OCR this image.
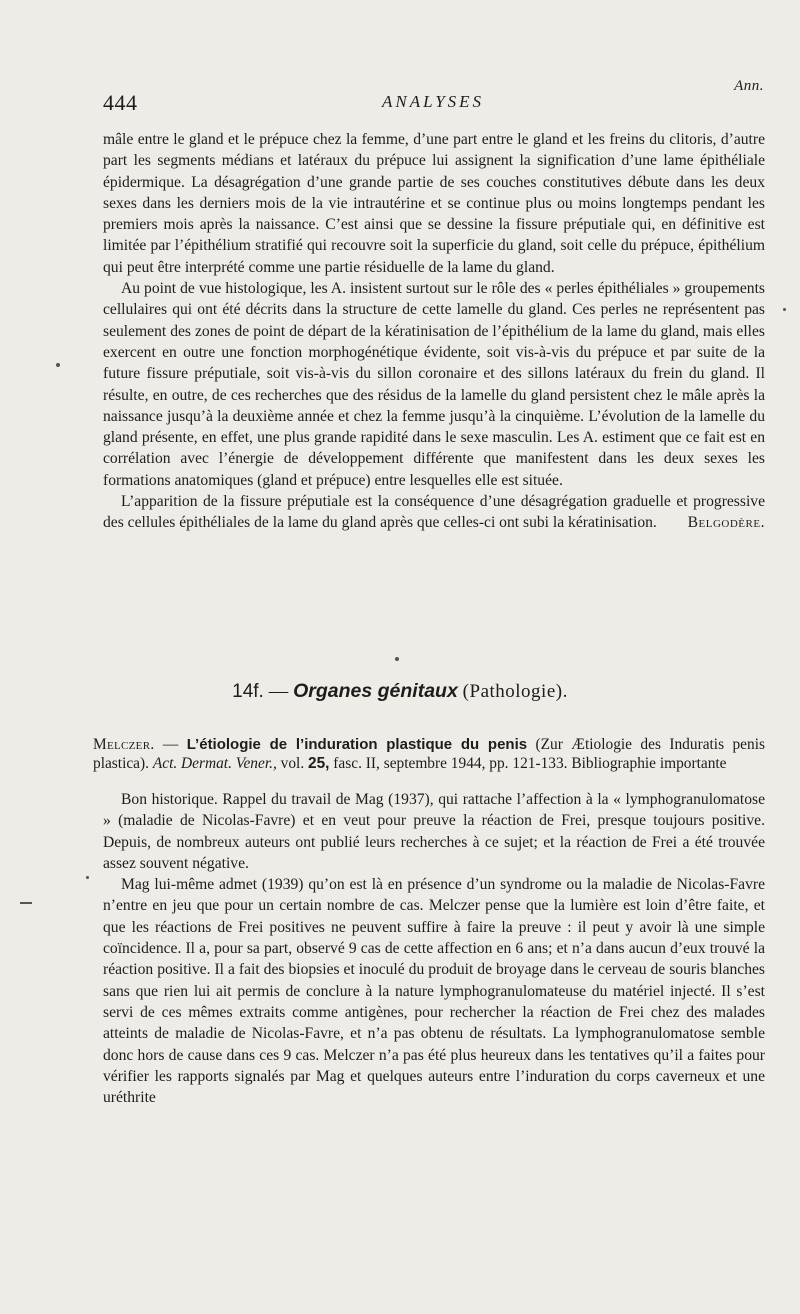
Ann.
444	ANALYSES

mâle entre le gland et le prépuce chez la femme, d’une part entre le gland et les freins du clitoris, d’autre part les segments médians et latéraux du prépuce lui assignent la signification d’une lame épithéliale épidermique. La désagrégation d’une grande partie de ses couches constitutives débute dans les deux sexes dans les derniers mois de la vie intrautérine et se continue plus ou moins longtemps pendant les premiers mois après la naissance. C’est ainsi que se dessine la fissure préputiale qui, en définitive est limitée par l’épithélium stratifié qui recouvre soit la superficie du gland, soit celle du prépuce, épithélium qui peut être interprété comme une partie résiduelle de la lame du gland.

Au point de vue histologique, les A. insistent surtout sur le rôle des « perles épithéliales » groupements cellulaires qui ont été décrits dans la structure de cette lamelle du gland. Ces perles ne représentent pas seulement des zones de point de départ de la kératinisation de l’épithélium de la lame du gland, mais elles exercent en outre une fonction morphogénétique évidente, soit vis-à-vis du prépuce et par suite de la future fissure préputiale, soit vis-à-vis du sillon coronaire et des sillons latéraux du frein du gland. Il résulte, en outre, de ces recherches que des résidus de la lamelle du gland persistent chez le mâle après la naissance jusqu’à la deuxième année et chez la femme jusqu’à la cinquième. L’évolution de la lamelle du gland présente, en effet, une plus grande rapidité dans le sexe masculin. Les A. estiment que ce fait est en corrélation avec l’énergie de développement différente que manifestent dans les deux sexes les formations anatomiques (gland et prépuce) entre lesquelles elle est située.

L’apparition de la fissure préputiale est la conséquence d’une désagrégation graduelle et progressive des cellules épithéliales de la lame du gland après que celles-ci ont subi la kératinisation.	Belgodère.

14f. — Organes génitaux (Pathologie).
Melczer. — L’étiologie de l’induration plastique du penis (Zur Ætiologie des Induratis penis plastica). Act. Dermat. Vener., vol. 25, fasc. II, septembre 1944, pp. 121-133. Bibliographie importante

Bon historique. Rappel du travail de Mag (1937), qui rattache l’affection à la « lymphogranulomatose » (maladie de Nicolas-Favre) et en veut pour preuve la réaction de Frei, presque toujours positive. Depuis, de nombreux auteurs ont publié leurs recherches à ce sujet; et la réaction de Frei a été trouvée assez souvent négative.

Mag lui-même admet (1939) qu’on est là en présence d’un syndrome ou la maladie de Nicolas-Favre n’entre en jeu que pour un certain nombre de cas. Melczer pense que la lumière est loin d’être faite, et que les réactions de Frei positives ne peuvent suffire à faire la preuve : il peut y avoir là une simple coïncidence. Il a, pour sa part, observé 9 cas de cette affection en 6 ans; et n’a dans aucun d’eux trouvé la réaction positive. Il a fait des biopsies et inoculé du produit de broyage dans le cerveau de souris blanches sans que rien lui ait permis de conclure à la nature lymphogranulomateuse du matériel injecté. Il s’est servi de ces mêmes extraits comme antigènes, pour rechercher la réaction de Frei chez des malades atteints de maladie de Nicolas-Favre, et n’a pas obtenu de résultats. La lymphogranulomatose semble donc hors de cause dans ces 9 cas. Melczer n’a pas été plus heureux dans les tentatives qu’il a faites pour vérifier les rapports signalés par Mag et quelques auteurs entre l’induration du corps caverneux et une uréthrite
